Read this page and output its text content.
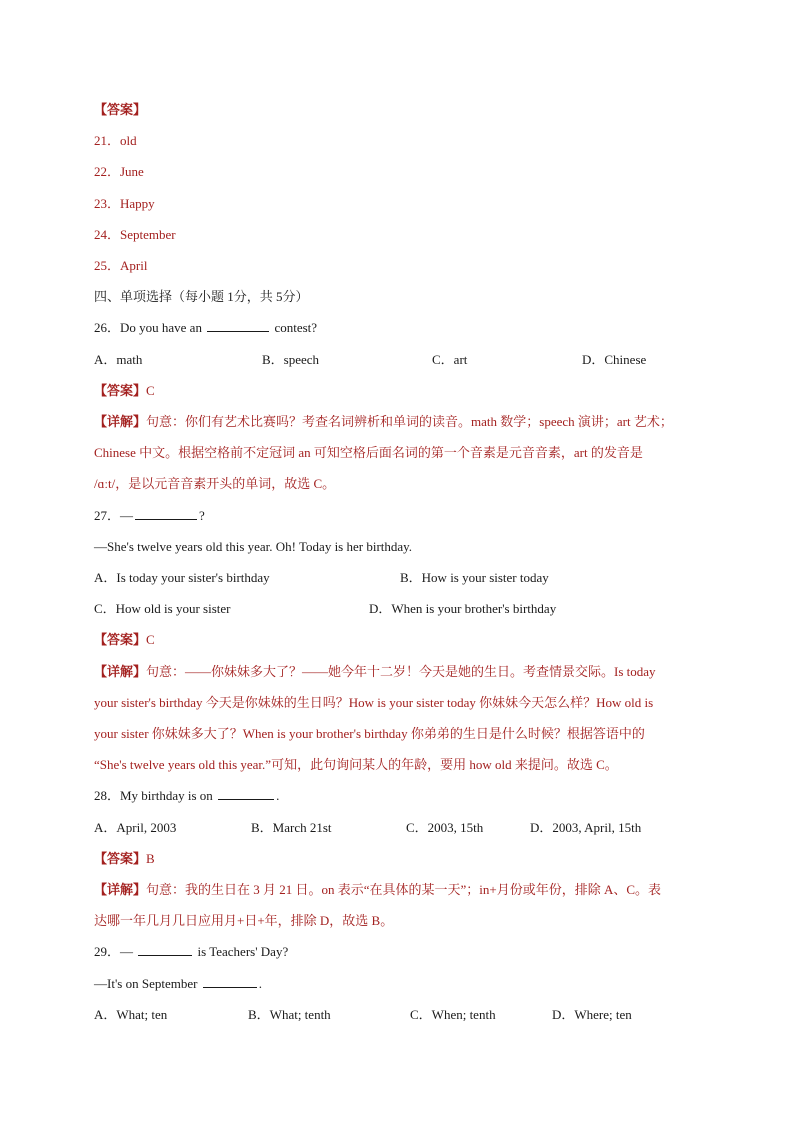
【答案】
21．old
22．June
23．Happy
24．September
25．April
四、单项选择（每小题 1分，共 5分）
26．Do you have an	contest?
A．math	B．speech	C．art	D．Chinese
【答案】C
【详解】句意：你们有艺术比赛吗？考查名词辨析和单词的读音。math 数学；speech 演讲；art 艺术；
Chinese 中文。根据空格前不定冠词 an 可知空格后面名词的第一个音素是元音音素，art 的发音是
/ɑːt/，是以元音音素开头的单词，故选 C。
27．—	?
—She's twelve years old this year. Oh! Today is her birthday.
A．Is today your sister's birthday	B．How is your sister today
C．How old is your sister	D．When is your brother's birthday
【答案】C
【详解】句意：——你妹妹多大了？——她今年十二岁！今天是她的生日。考查情景交际。Is today
your sister's birthday 今天是你妹妹的生日吗？How is your sister today 你妹妹今天怎么样？How old is
your sister 你妹妹多大了？When is your brother's birthday 你弟弟的生日是什么时候？根据答语中的
“She's twelve years old this year.”可知，此句询问某人的年龄，要用 how old 来提问。故选 C。
28．My birthday is on	.
A．April, 2003	B．March 21st	C．2003, 15th	D．2003, April, 15th
【答案】B
【详解】句意：我的生日在 3 月 21 日。on 表示“在具体的某一天”；in+月份或年份，排除 A、C。表
达哪一年几月几日应用月+日+年，排除 D，故选 B。
29．—	is Teachers' Day?
—It's on September	.
A．What; ten	B．What; tenth	C．When; tenth	D．Where; ten
